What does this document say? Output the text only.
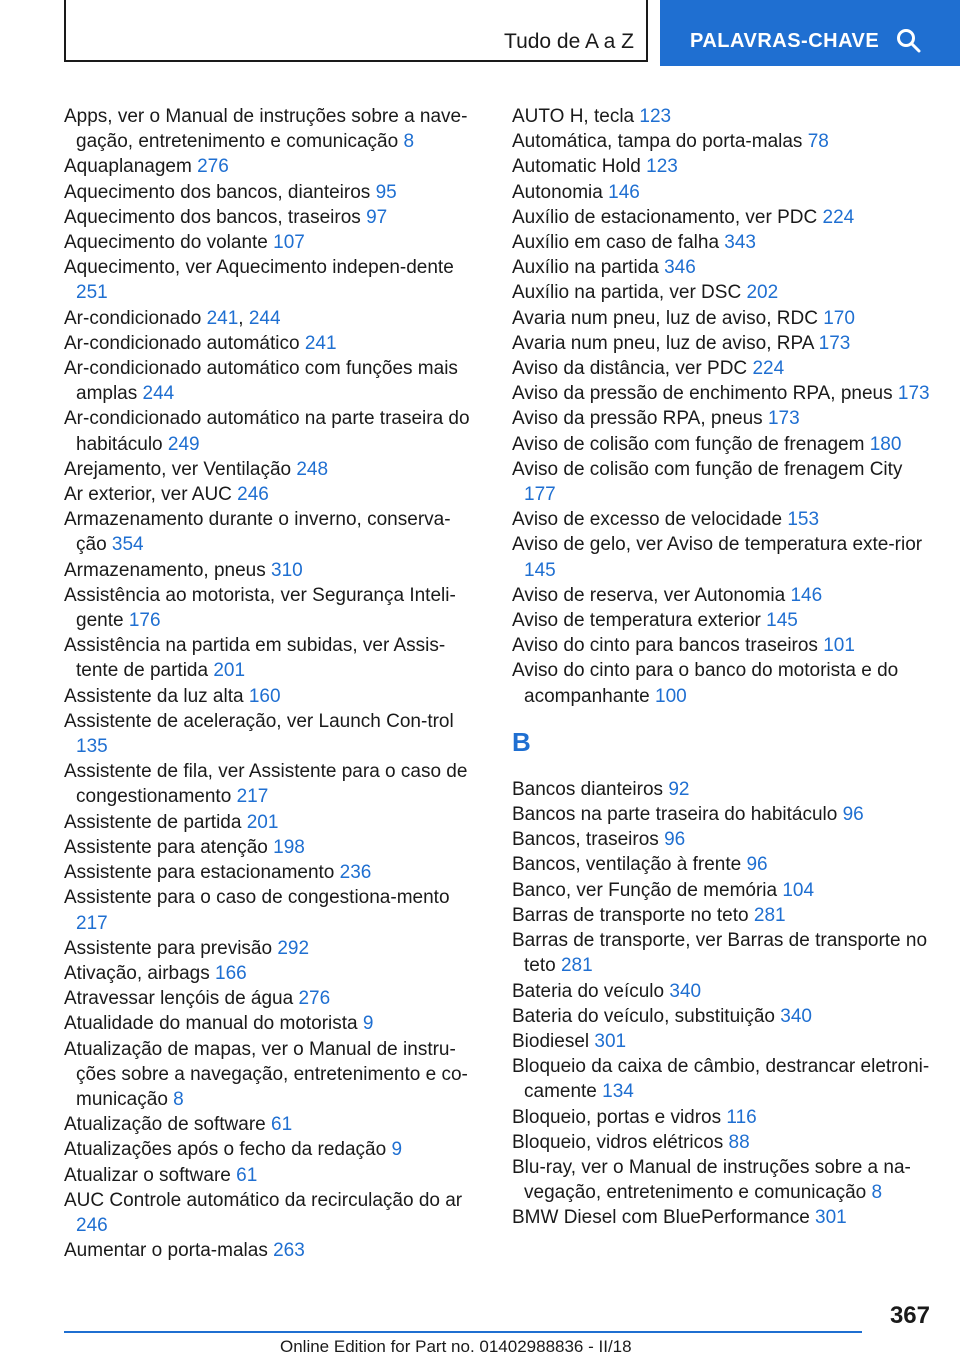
Tudo de A a Z	PALAVRAS-CHAVE
Apps, ver o Manual de instruções sobre a nave-gação, entretenimento e comunicação 8
Aquaplanagem 276
Aquecimento dos bancos, dianteiros 95
Aquecimento dos bancos, traseiros 97
Aquecimento do volante 107
Aquecimento, ver Aquecimento indepen-dente 251
Ar-condicionado 241, 244
Ar-condicionado automático 241
Ar-condicionado automático com funções mais amplas 244
Ar-condicionado automático na parte traseira do habitáculo 249
Arejamento, ver Ventilação 248
Ar exterior, ver AUC 246
Armazenamento durante o inverno, conserva-ção 354
Armazenamento, pneus 310
Assistência ao motorista, ver Segurança Inteli-gente 176
Assistência na partida em subidas, ver Assis-tente de partida 201
Assistente da luz alta 160
Assistente de aceleração, ver Launch Con-trol 135
Assistente de fila, ver Assistente para o caso de congestionamento 217
Assistente de partida 201
Assistente para atenção 198
Assistente para estacionamento 236
Assistente para o caso de congestiona-mento 217
Assistente para previsão 292
Ativação, airbags 166
Atravessar lençóis de água 276
Atualidade do manual do motorista 9
Atualização de mapas, ver o Manual de instru-ções sobre a navegação, entretenimento e co-municação 8
Atualização de software 61
Atualizações após o fecho da redação 9
Atualizar o software 61
AUC Controle automático da recirculação do ar 246
Aumentar o porta-malas 263
AUTO H, tecla 123
Automática, tampa do porta-malas 78
Automatic Hold 123
Autonomia 146
Auxílio de estacionamento, ver PDC 224
Auxílio em caso de falha 343
Auxílio na partida 346
Auxílio na partida, ver DSC 202
Avaria num pneu, luz de aviso, RDC 170
Avaria num pneu, luz de aviso, RPA 173
Aviso da distância, ver PDC 224
Aviso da pressão de enchimento RPA, pneus 173
Aviso da pressão RPA, pneus 173
Aviso de colisão com função de frenagem 180
Aviso de colisão com função de frenagem City 177
Aviso de excesso de velocidade 153
Aviso de gelo, ver Aviso de temperatura exte-rior 145
Aviso de reserva, ver Autonomia 146
Aviso de temperatura exterior 145
Aviso do cinto para bancos traseiros 101
Aviso do cinto para o banco do motorista e do acompanhante 100
B
Bancos dianteiros 92
Bancos na parte traseira do habitáculo 96
Bancos, traseiros 96
Bancos, ventilação à frente 96
Banco, ver Função de memória 104
Barras de transporte no teto 281
Barras de transporte, ver Barras de transporte no teto 281
Bateria do veículo 340
Bateria do veículo, substituição 340
Biodiesel 301
Bloqueio da caixa de câmbio, destrancar eletroni-camente 134
Bloqueio, portas e vidros 116
Bloqueio, vidros elétricos 88
Blu-ray, ver o Manual de instruções sobre a na-vegação, entretenimento e comunicação 8
BMW Diesel com BluePerformance 301
367
Online Edition for Part no. 01402988836 - II/18
